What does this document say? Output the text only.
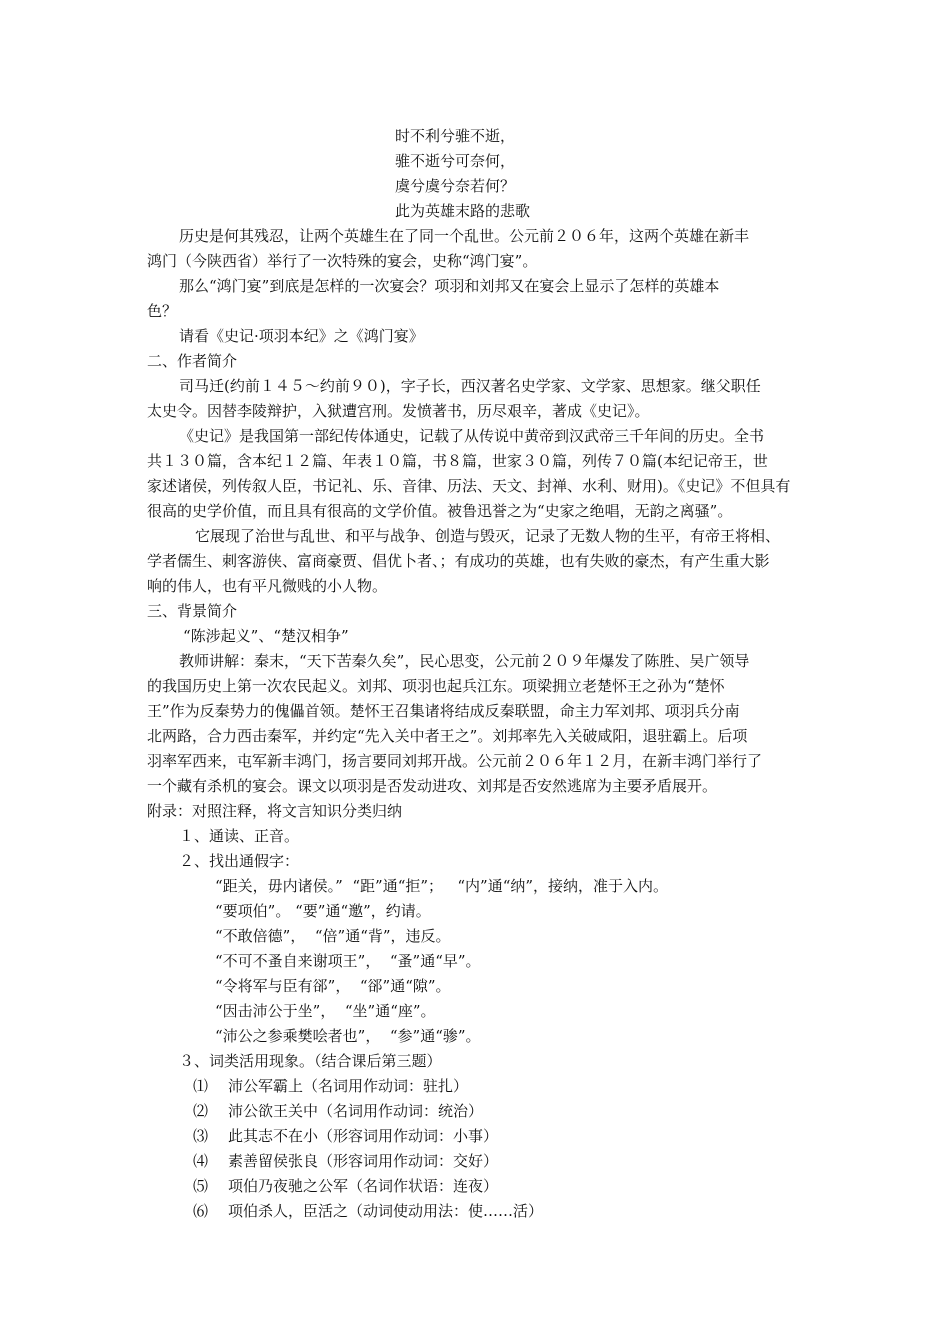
时不利兮骓不逝，
骓不逝兮可奈何，
虞兮虞兮奈若何？
此为英雄末路的悲歌
历史是何其残忍，让两个英雄生在了同一个乱世。公元前２０６年，这两个英雄在新丰
鸿门（今陕西省）举行了一次特殊的宴会，史称“鸿门宴”。
那么“鸿门宴”到底是怎样的一次宴会？项羽和刘邦又在宴会上显示了怎样的英雄本
色？
请看《史记·项羽本纪》之《鸿门宴》
二、作者简介
司马迁(约前１４５～约前９０)，字子长，西汉著名史学家、文学家、思想家。继父职任
太史令。因替李陵辩护，入狱遭宫刑。发愤著书，历尽艰辛，著成《史记》。
《史记》是我国第一部纪传体通史，记载了从传说中黄帝到汉武帝三千年间的历史。全书
共１３０篇，含本纪１２篇、年表１０篇，书８篇，世家３０篇，列传７０篇(本纪记帝王，世
家述诸侯，列传叙人臣，书记礼、乐、音律、历法、天文、封禅、水利、财用)。《史记》不但具有
很高的史学价值，而且具有很高的文学价值。被鲁迅誉之为“史家之绝唱，无韵之离骚”。
它展现了治世与乱世、和平与战争、创造与毁灭，记录了无数人物的生平，有帝王将相、
学者儒生、刺客游侠、富商豪贾、倡优卜者、；有成功的英雄，也有失败的豪杰，有产生重大影
响的伟人，也有平凡微贱的小人物。
三、背景简介
“陈涉起义”、“楚汉相争”
教师讲解：秦末，“天下苦秦久矣”，民心思变，公元前２０９年爆发了陈胜、吴广领导
的我国历史上第一次农民起义。刘邦、项羽也起兵江东。项梁拥立老楚怀王之孙为“楚怀
王”作为反秦势力的傀儡首领。楚怀王召集诸将结成反秦联盟，命主力军刘邦、项羽兵分南
北两路，合力西击秦军，并约定“先入关中者王之”。刘邦率先入关破咸阳，退驻霸上。后项
羽率军西来，屯军新丰鸿门，扬言要同刘邦开战。公元前２０６年１２月，在新丰鸿门举行了
一个藏有杀机的宴会。课文以项羽是否发动进攻、刘邦是否安然逃席为主要矛盾展开。
附录：对照注释，将文言知识分类归纳
１、通读、正音。
２、找出通假字：
“距关，毋内诸侯。”  “距”通“拒”；   “内”通“纳”，接纳，准于入内。
“要项伯”。 “要”通“邀”，约请。
“不敢倍德”，  “倍”通“背”，违反。
“不可不蚤自来谢项王”，  “蚤”通“早”。
“令将军与臣有郤”，  “郤”通“隙”。
“因击沛公于坐”，  “坐”通“座”。
“沛公之参乘樊哙者也”，  “参”通“骖”。
３、词类活用现象。（结合课后第三题）
⑴ 沛公军霸上（名词用作动词：驻扎）
⑵ 沛公欲王关中（名词用作动词：统治）
⑶ 此其志不在小（形容词用作动词：小事）
⑷ 素善留侯张良（形容词用作动词：交好）
⑸ 项伯乃夜驰之公军（名词作状语：连夜）
⑹ 项伯杀人，臣活之（动词使动用法：使……活）
